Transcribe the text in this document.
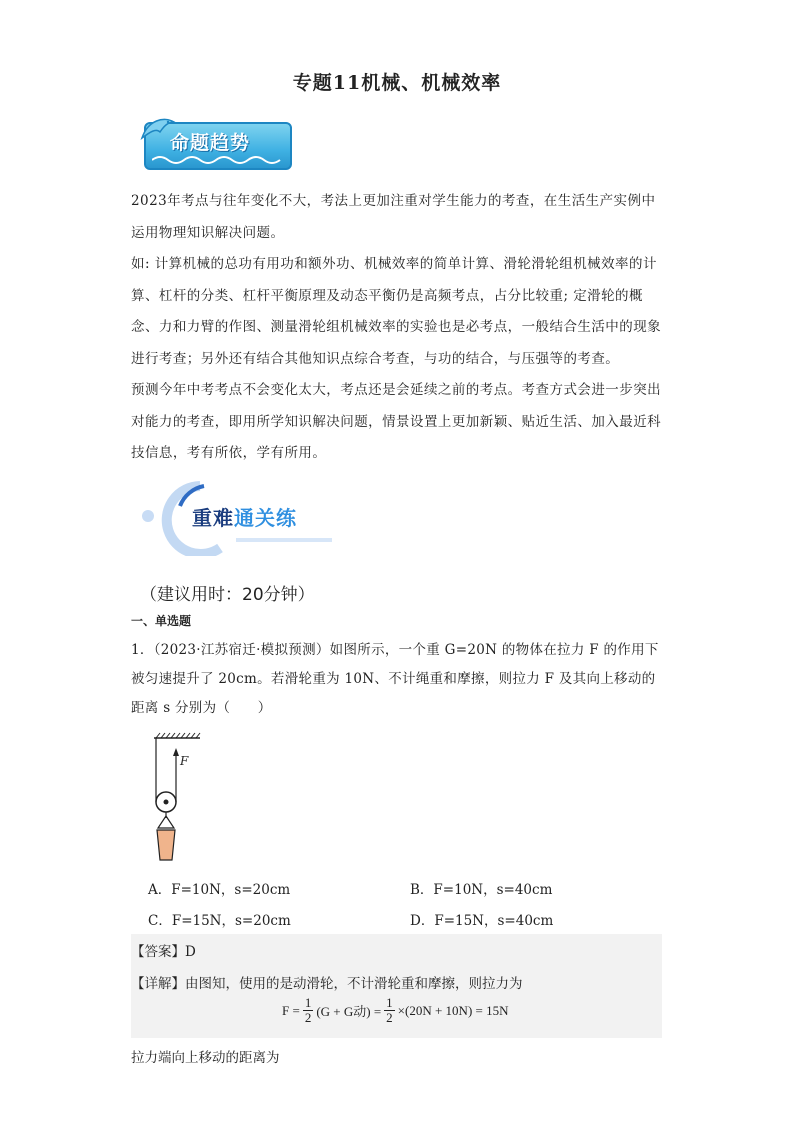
专题11机械、机械效率
命题趋势
2023年考点与往年变化不大，考法上更加注重对学生能力的考查，在生活生产实例中运用物理知识解决问题。
如: 计算机械的总功有用功和额外功、机械效率的简单计算、滑轮滑轮组机械效率的计算、杠杆的分类、杠杆平衡原理及动态平衡仍是高频考点，占分比较重; 定滑轮的概念、力和力臂的作图、测量滑轮组机械效率的实验也是必考点，一般结合生活中的现象进行考查；另外还有结合其他知识点综合考查，与功的结合，与压强等的考查。
预测今年中考考点不会变化太大，考点还是会延续之前的考点。考查方式会进一步突出对能力的考查，即用所学知识解决问题，情景设置上更加新颖、贴近生活、加入最近科技信息，考有所依，学有所用。
重难通关练
（建议用时：20分钟）
一、单选题
1．（2023·江苏宿迁·模拟预测）如图所示，一个重 G=20N 的物体在拉力 F 的作用下被匀速提升了 20cm。若滑轮重为 10N、不计绳重和摩擦，则拉力 F 及其向上移动的距离 s 分别为（　　）
F
A．F=10N，s=20cm	B．F=10N，s=40cm
C．F=15N，s=20cm	D．F=15N，s=40cm
【答案】D
【详解】由图知，使用的是动滑轮，不计滑轮重和摩擦，则拉力为
$F = \frac{1}{2} (G + G$动) = $\frac{1}{2} \times(20N + 10N) = 15N$
拉力端向上移动的距离为
